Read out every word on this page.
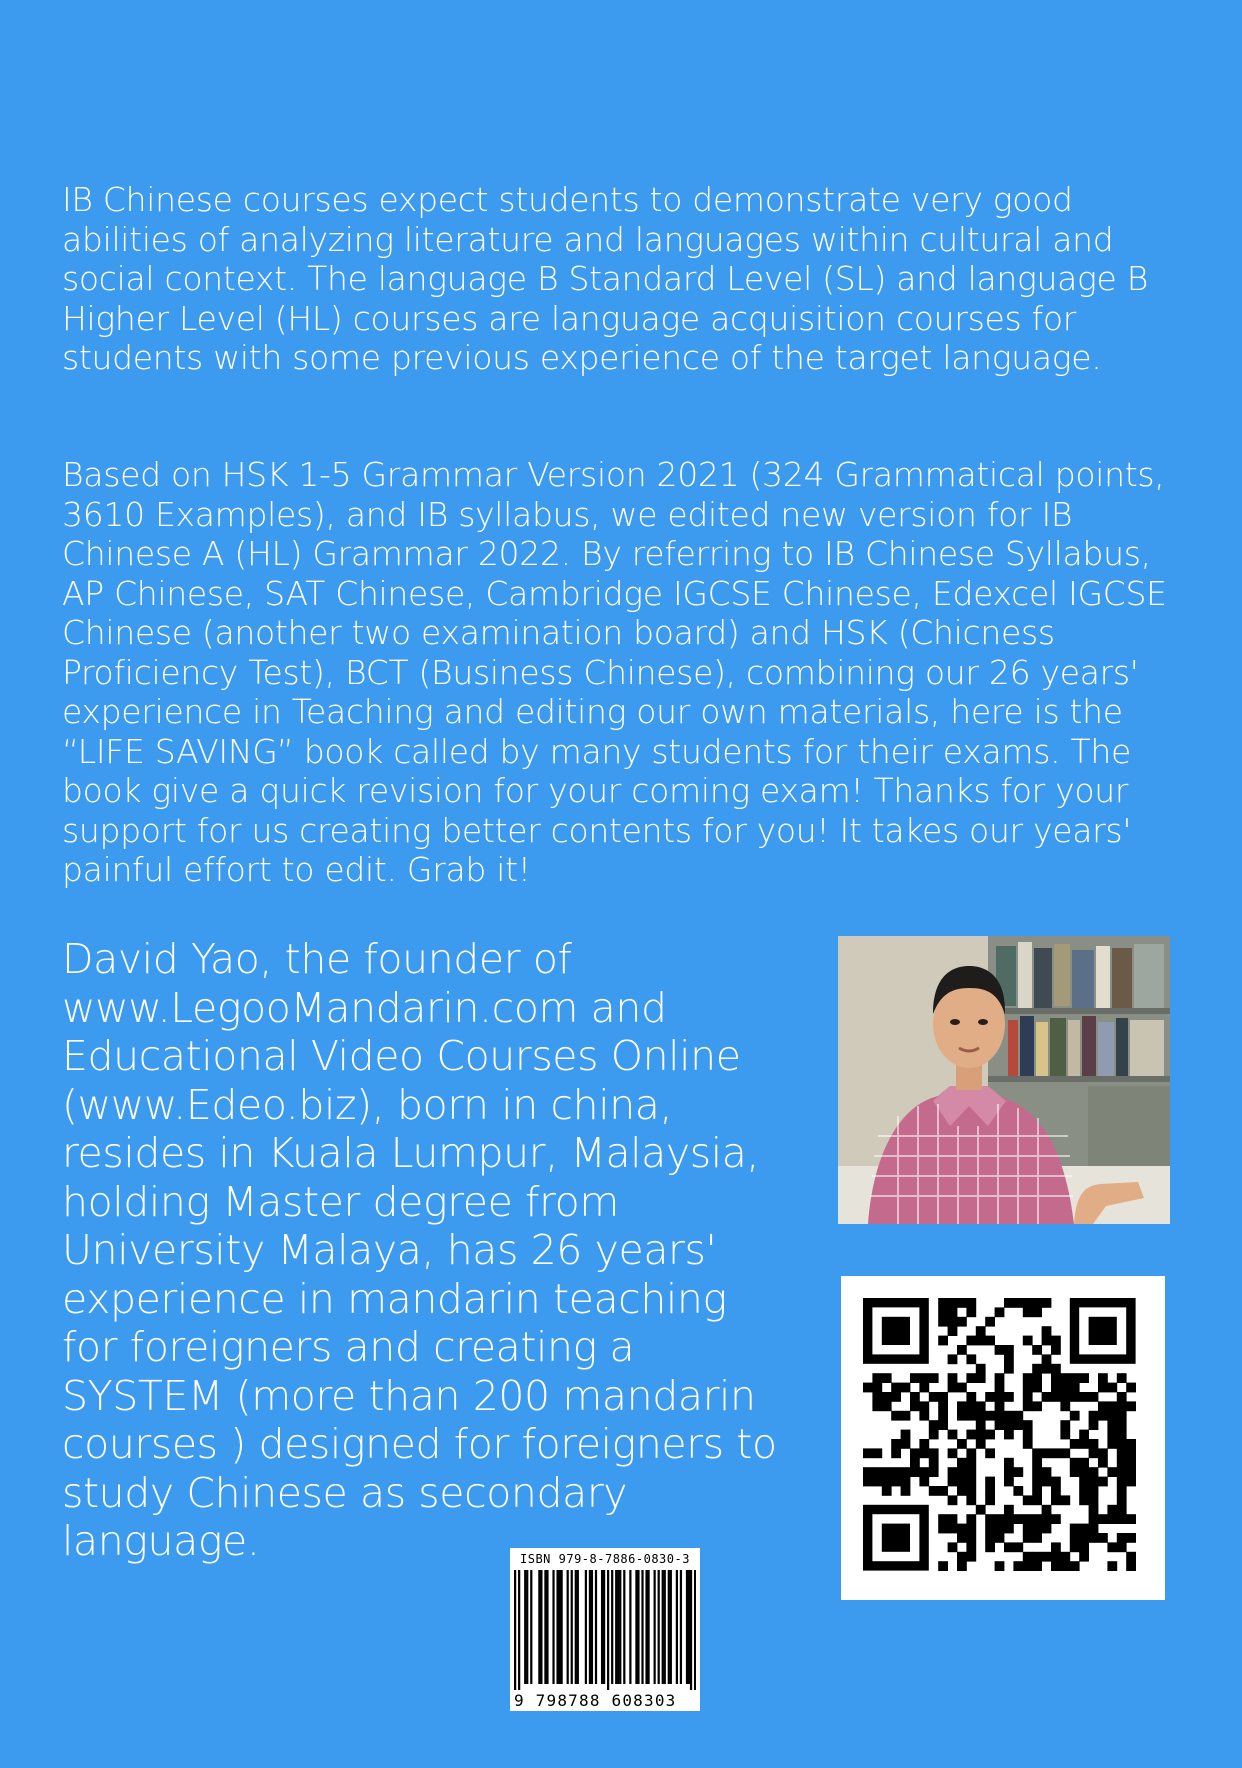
IB Chinese courses expect students to demonstrate very good abilities of analyzing literature and languages within cultural and social context. The language B Standard Level (SL) and language B Higher Level (HL) courses are language acquisition courses for students with some previous experience of the target language.

Based on HSK 1-5 Grammar Version 2021 (324 Grammatical points, 3610 Examples), and IB syllabus, we edited new version for IB Chinese A (HL) Grammar 2022. By referring to IB Chinese Syllabus, AP Chinese, SAT Chinese, Cambridge IGCSE Chinese, Edexcel IGCSE Chinese (another two examination board) and HSK (Chicness Proficiency Test), BCT (Business Chinese), combining our 26 years' experience in Teaching and editing our own materials, here is the “LIFE SAVING” book called by many students for their exams. The book give a quick revision for your coming exam! Thanks for your support for us creating better contents for you! It takes our years' painful effort to edit. Grab it!

David Yao, the founder of www.LegooMandarin.com and Educational Video Courses Online (www.Edeo.biz), born in china, resides in Kuala Lumpur, Malaysia, holding Master degree from University Malaya, has 26 years' experience in mandarin teaching for foreigners and creating a SYSTEM (more than 200 mandarin courses ) designed for foreigners to study Chinese as secondary language.	ISBN 979-8-7886-0830-3
9 798788 608303
